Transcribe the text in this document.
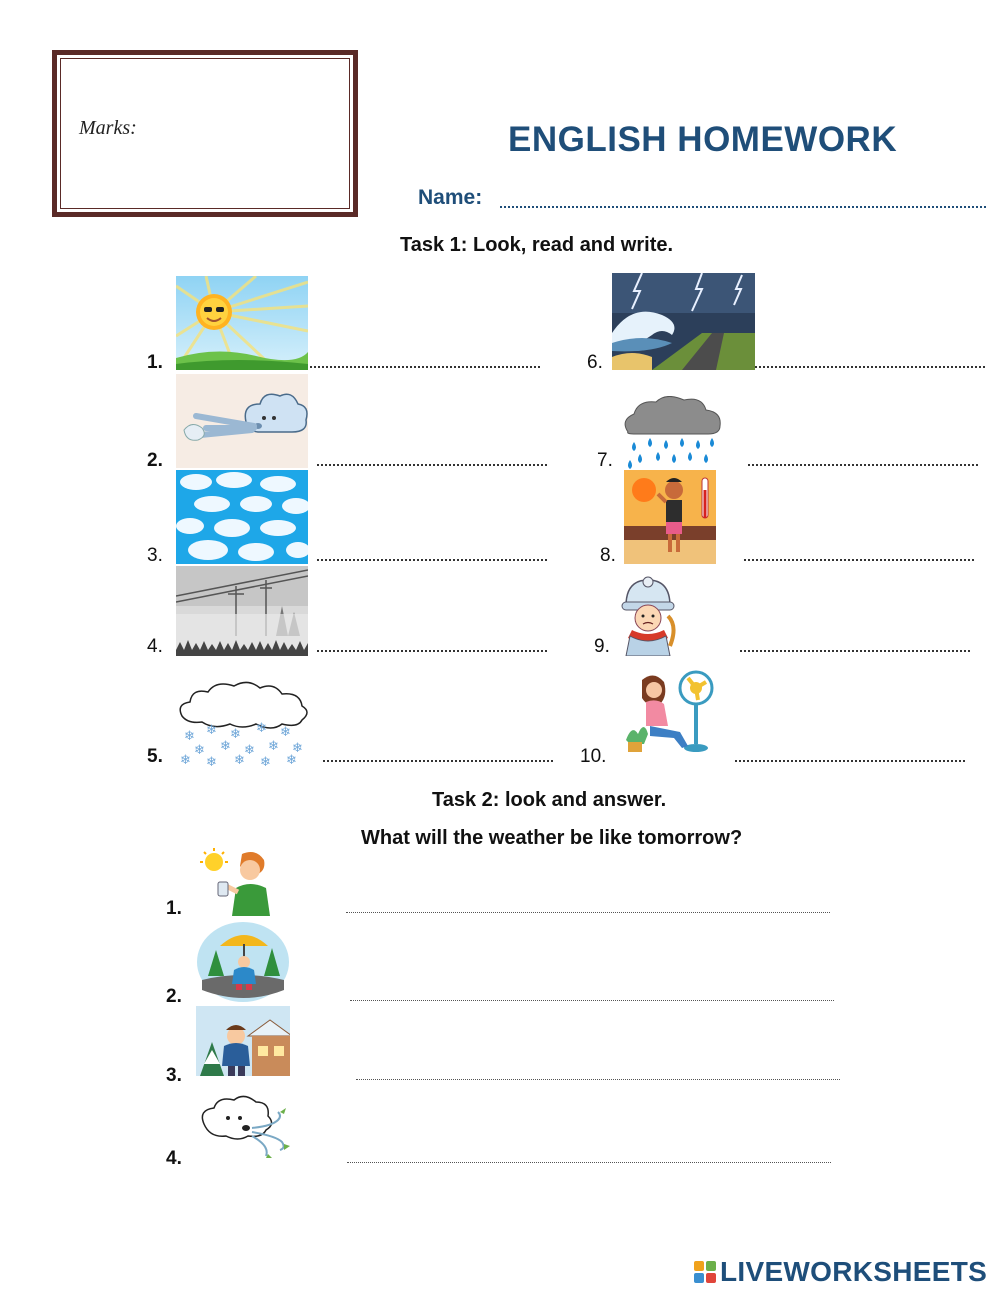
Marks:	ENGLISH HOMEWORK
Name:
Task 1: Look, read and write.
❄ ❄ ❄ ❄ ❄
❄ ❄ ❄ ❄ ❄
❄ ❄ ❄ ❄ ❄
1.
2.
3.
4.
5.
6.
7.
8.
9.
10.
Task 2: look and answer.
What will the weather be like tomorrow?
1.
2.
3.
4.
LIVEWORKSHEETS
